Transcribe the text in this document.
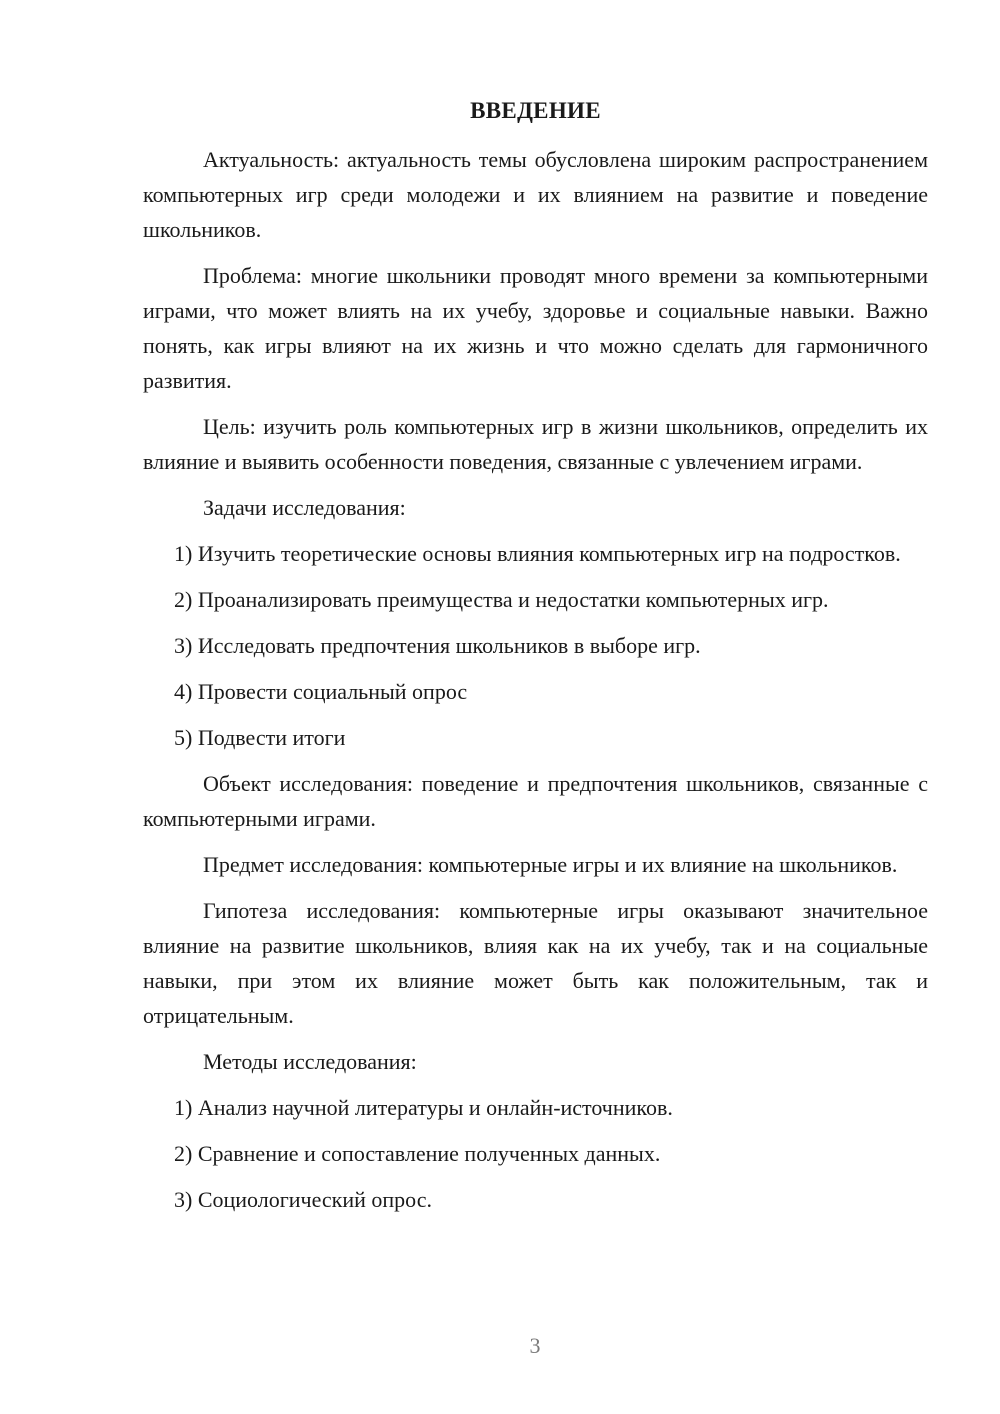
ВВЕДЕНИЕ

Актуальность: актуальность темы обусловлена широким распространением компьютерных игр среди молодежи и их влиянием на развитие и поведение школьников.

Проблема: многие школьники проводят много времени за компьютерными играми, что может влиять на их учебу, здоровье и социальные навыки. Важно понять, как игры влияют на их жизнь и что можно сделать для гармоничного развития.

Цель: изучить роль компьютерных игр в жизни школьников, определить их влияние и выявить особенности поведения, связанные с увлечением играми.

Задачи исследования:

1) Изучить теоретические основы влияния компьютерных игр на подростков.

2) Проанализировать преимущества и недостатки компьютерных игр.

3) Исследовать предпочтения школьников в выборе игр.

4) Провести социальный опрос

5) Подвести итоги

Объект исследования: поведение и предпочтения школьников, связанные с компьютерными играми.

Предмет исследования: компьютерные игры и их влияние на школьников.

Гипотеза исследования: компьютерные игры оказывают значительное влияние на развитие школьников, влияя как на их учебу, так и на социальные навыки, при этом их влияние может быть как положительным, так и отрицательным.

Методы исследования:

1) Анализ научной литературы и онлайн-источников.

2) Сравнение и сопоставление полученных данных.

3) Социологический опрос.

3
